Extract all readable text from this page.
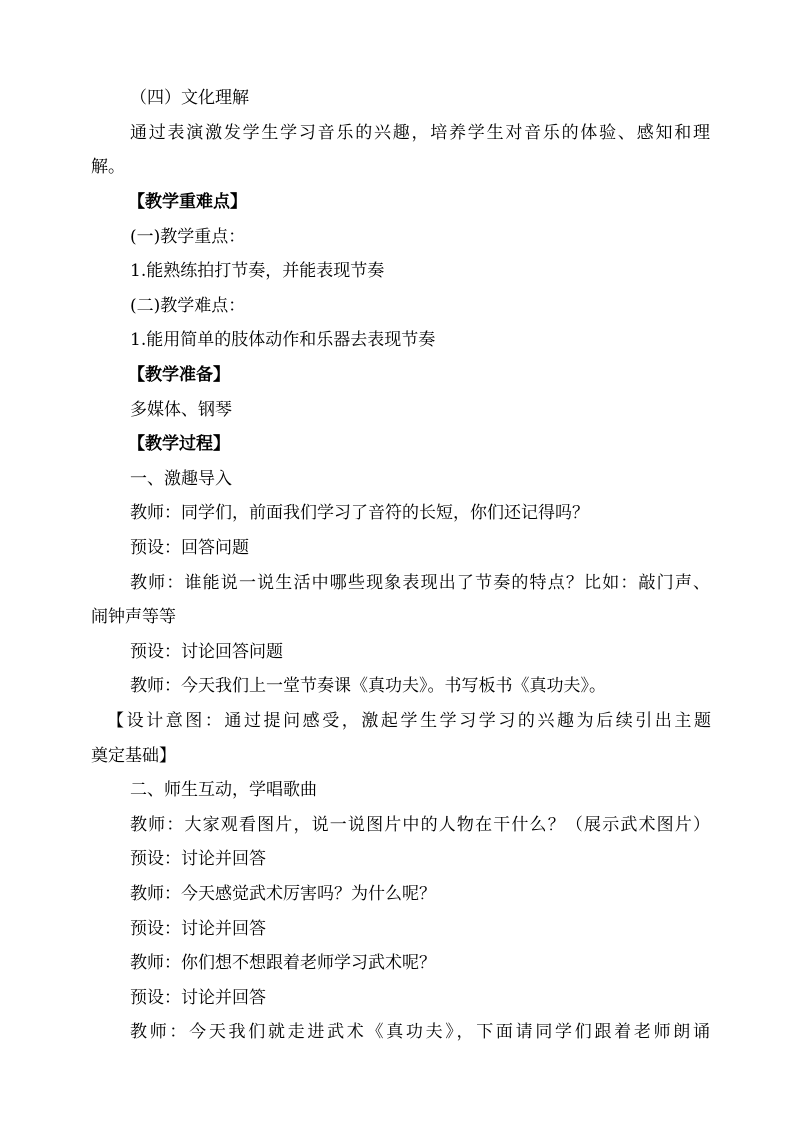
（四）文化理解
通过表演激发学生学习音乐的兴趣，培养学生对音乐的体验、感知和理
解。
【教学重难点】
(一)教学重点：
1.能熟练拍打节奏，并能表现节奏
(二)教学难点：
1.能用简单的肢体动作和乐器去表现节奏
【教学准备】
多媒体、钢琴
【教学过程】
一、激趣导入
教师：同学们，前面我们学习了音符的长短，你们还记得吗？
预设：回答问题
教师：谁能说一说生活中哪些现象表现出了节奏的特点？比如：敲门声、
闹钟声等等
预设：讨论回答问题
教师：今天我们上一堂节奏课《真功夫》。书写板书《真功夫》。
【设计意图：通过提问感受，激起学生学习学习的兴趣为后续引出主题
奠定基础】
二、师生互动，学唱歌曲
教师：大家观看图片，说一说图片中的人物在干什么？（展示武术图片）
预设：讨论并回答
教师：今天感觉武术厉害吗？为什么呢？
预设：讨论并回答
教师：你们想不想跟着老师学习武术呢？
预设：讨论并回答
教师：今天我们就走进武术《真功夫》，下面请同学们跟着老师朗诵
